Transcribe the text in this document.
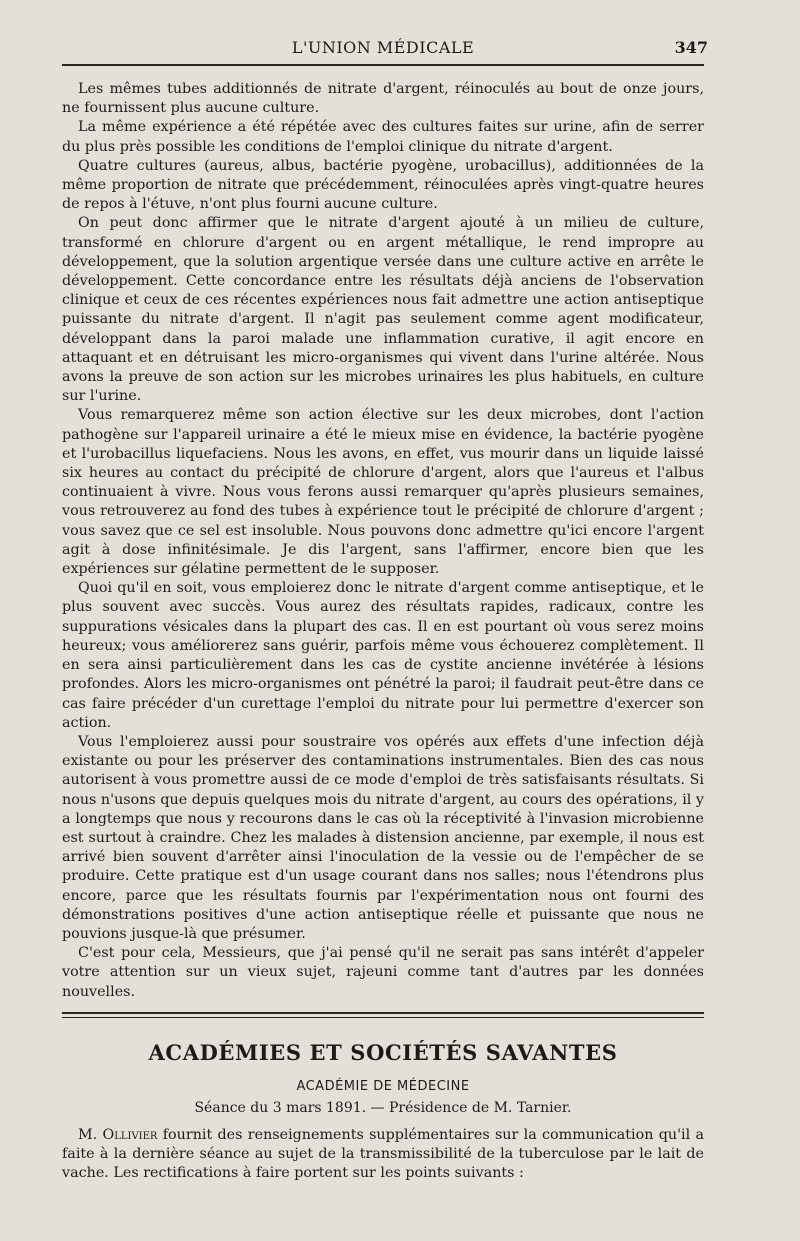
L'UNION MÉDICALE	347

Les mêmes tubes additionnés de nitrate d'argent, réinoculés au bout de onze jours, ne fournissent plus aucune culture.

La même expérience a été répétée avec des cultures faites sur urine, afin de serrer du plus près possible les conditions de l'emploi clinique du nitrate d'argent.

Quatre cultures (aureus, albus, bactérie pyogène, urobacillus), additionnées de la même proportion de nitrate que précédemment, réinoculées après vingt-quatre heures de repos à l'étuve, n'ont plus fourni aucune culture.

On peut donc affirmer que le nitrate d'argent ajouté à un milieu de culture, transformé en chlorure d'argent ou en argent métallique, le rend impropre au développement, que la solution argentique versée dans une culture active en arrête le développement. Cette concordance entre les résultats déjà anciens de l'observation clinique et ceux de ces récentes expériences nous fait admettre une action antiseptique puissante du nitrate d'argent. Il n'agit pas seulement comme agent modificateur, développant dans la paroi malade une inflammation curative, il agit encore en attaquant et en détruisant les micro-organismes qui vivent dans l'urine altérée. Nous avons la preuve de son action sur les microbes urinaires les plus habituels, en culture sur l'urine.

Vous remarquerez même son action élective sur les deux microbes, dont l'action pathogène sur l'appareil urinaire a été le mieux mise en évidence, la bactérie pyogène et l'urobacillus liquefaciens. Nous les avons, en effet, vus mourir dans un liquide laissé six heures au contact du précipité de chlorure d'argent, alors que l'aureus et l'albus continuaient à vivre. Nous vous ferons aussi remarquer qu'après plusieurs semaines, vous retrouverez au fond des tubes à expérience tout le précipité de chlorure d'argent ; vous savez que ce sel est insoluble. Nous pouvons donc admettre qu'ici encore l'argent agit à dose infinitésimale. Je dis l'argent, sans l'affirmer, encore bien que les expériences sur gélatine permettent de le supposer.

Quoi qu'il en soit, vous emploierez donc le nitrate d'argent comme antiseptique, et le plus souvent avec succès. Vous aurez des résultats rapides, radicaux, contre les suppurations vésicales dans la plupart des cas. Il en est pourtant où vous serez moins heureux; vous améliorerez sans guérir, parfois même vous échouerez complètement. Il en sera ainsi particulièrement dans les cas de cystite ancienne invétérée à lésions profondes. Alors les micro-organismes ont pénétré la paroi; il faudrait peut-être dans ce cas faire précéder d'un curettage l'emploi du nitrate pour lui permettre d'exercer son action.

Vous l'emploierez aussi pour soustraire vos opérés aux effets d'une infection déjà existante ou pour les préserver des contaminations instrumentales. Bien des cas nous autorisent à vous promettre aussi de ce mode d'emploi de très satisfaisants résultats. Si nous n'usons que depuis quelques mois du nitrate d'argent, au cours des opérations, il y a longtemps que nous y recourons dans le cas où la réceptivité à l'invasion microbienne est surtout à craindre. Chez les malades à distension ancienne, par exemple, il nous est arrivé bien souvent d'arrêter ainsi l'inoculation de la vessie ou de l'empêcher de se produire. Cette pratique est d'un usage courant dans nos salles; nous l'étendrons plus encore, parce que les résultats fournis par l'expérimentation nous ont fourni des démonstrations positives d'une action antiseptique réelle et puissante que nous ne pouvions jusque-là que présumer.

C'est pour cela, Messieurs, que j'ai pensé qu'il ne serait pas sans intérêt d'appeler votre attention sur un vieux sujet, rajeuni comme tant d'autres par les données nouvelles.

ACADÉMIES ET SOCIÉTÉS SAVANTES
ACADÉMIE DE MÉDECINE
Séance du 3 mars 1891. — Présidence de M. Tarnier.

M. Ollivier fournit des renseignements supplémentaires sur la communication qu'il a faite à la dernière séance au sujet de la transmissibilité de la tuberculose par le lait de vache. Les rectifications à faire portent sur les points suivants :
